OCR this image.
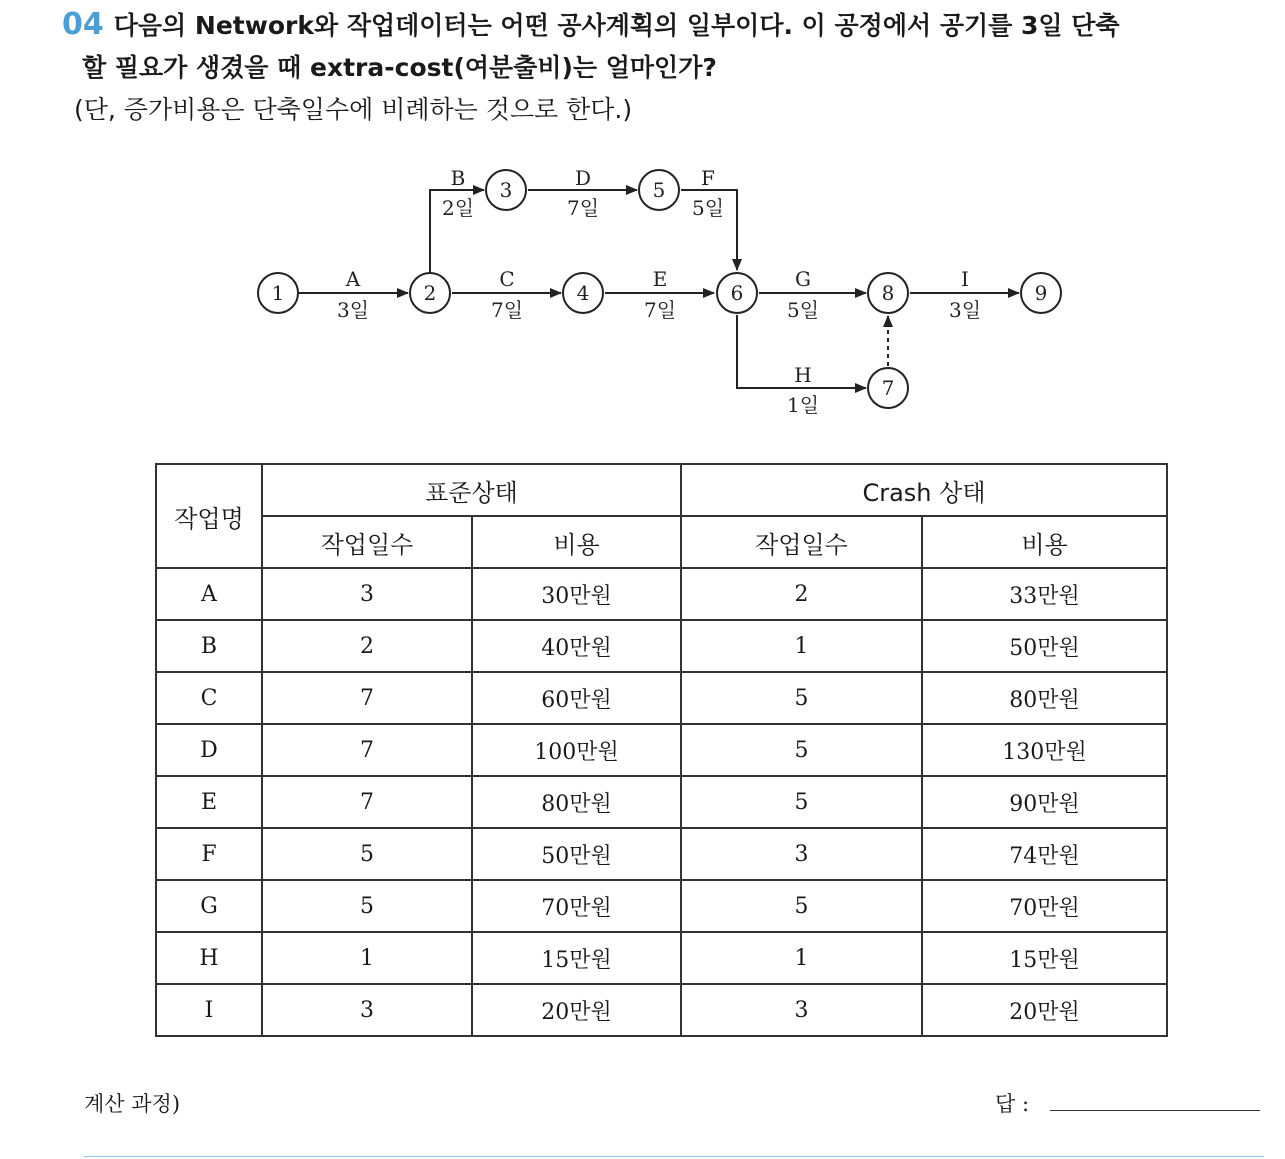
04 다음의 Network와 작업데이터는 어떤 공사계획의 일부이다. 이 공정에서 공기를 3일 단축
할 필요가 생겼을 때 extra-cost(여분출비)는 얼마인가?
(단, 증가비용은 단축일수에 비례하는 것으로 한다.)
A
3일
B
2일
C
7일
D
7일
E
7일
F
5일
G
5일
H
1일
I
3일
1	2
3
4
5
6
7
8	9
작업명	표준상태		Crash 상태	
	작업일수	비용	작업일수	비용
A	3	30만원	2	33만원
B	2	40만원	1	50만원
C	7	60만원	5	80만원
D	7	100만원	5	130만원
E	7	80만원	5	90만원
F	5	50만원	3	74만원
G	5	70만원	5	70만원
H	1	15만원	1	15만원
I	3	20만원	3	20만원
계산 과정)	답 :
